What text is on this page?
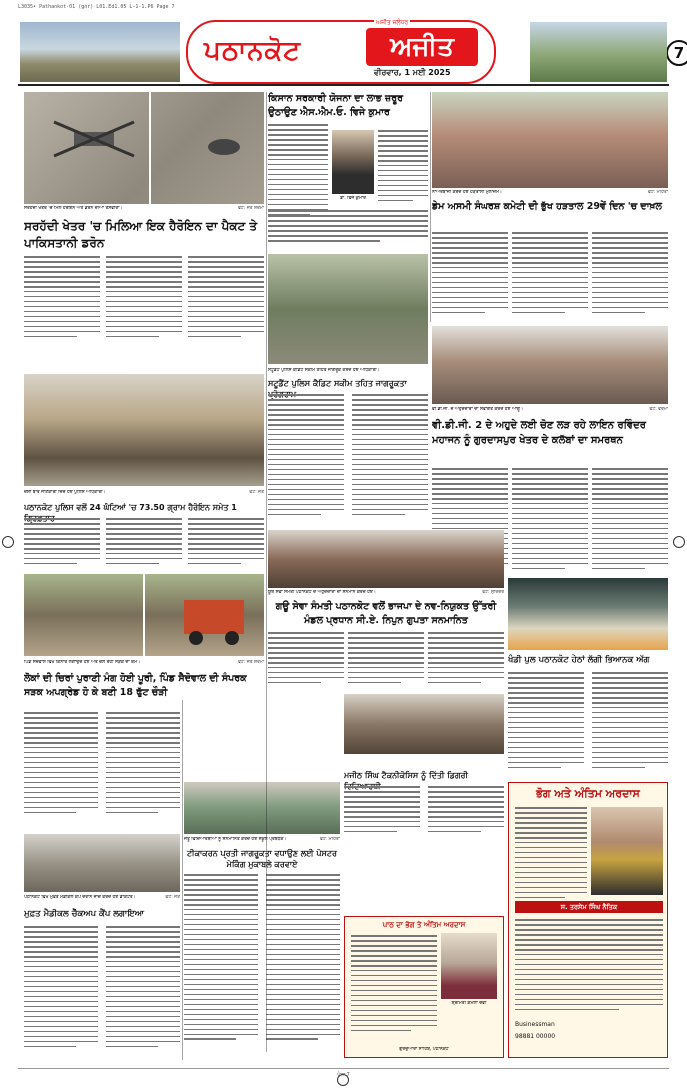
L3035• Pathankot-01 (gnr) L01.Ed1.05 L-1-1.P6 Page 7
ਪਠਾਨਕੋਟ	ਅਜੀਤ
ਅਜੀਤ ਜਲੰਧਰ
ਵੀਰਵਾਰ, 1 ਮਈ 2025
7
ਸਰਹੱਦੀ ਖੇਤਰ 'ਚ ਮਿਲੇ ਹੈਰੋਇਨ ਅਤੇ ਡਰੋਨ ਦੀਆਂ ਤਸਵੀਰਾਂ।	ਫੋਟੋ: ਜੈਤ ਸ਼ਰਮਾ
ਸਰਹੱਦੀ ਖੇਤਰ 'ਚ ਮਿਲਿਆ ਇਕ ਹੈਰੋਇਨ ਦਾ ਪੈਕਟ ਤੇ ਪਾਕਿਸਤਾਨੀ ਡਰੋਨ
ਕਿਸਾਨ ਸਰਕਾਰੀ ਯੋਜਨਾ ਦਾ ਲਾਭ ਜ਼ਰੂਰ ਉਠਾਉਣ ਐਸ.ਐਮ.ਓ. ਵਿਜੇ ਕੁਮਾਰ
ਡਾ. ਵਿਜੇ ਕੁਮਾਰ
ਨਾਅਰੇਬਾਜ਼ੀ ਕਰਦੇ ਹੋਏ ਹੜਤਾਲੀ ਮੁਲਾਜ਼ਮ।	ਫੋਟੋ: ਮਹਿਤਾ
ਡੇਮ ਅਸਮੀ ਸੰਘਰਸ਼ ਕਮੇਟੀ ਦੀ ਭੁੱਖ ਹੜਤਾਲ 29ਵੇਂ ਦਿਨ 'ਚ ਦਾਖ਼ਲ
ਸਟੂਡੈਂਟ ਪੁਲਿਸ ਕੈਡਿਟ ਸਕੀਮ ਤਹਿਤ ਜਾਗਰੂਕ ਕਰਦੇ ਹੋਏ ਅਧਿਕਾਰੀ।
ਸਟੂਡੈਂਟ ਪੁਲਿਸ ਕੈਡਿਟ ਸਕੀਮ ਤਹਿਤ ਜਾਗਰੂਕਤਾ
ਵੀ.ਡੀ.ਜੀ. ਦੇ ਅਹੁਦੇਦਾਰਾਂ ਦਾ ਸਵਾਗਤ ਕਰਦੇ ਹੋਏ ਆਗੂ।	ਫੋਟੋ: ਵਰਮਾ
ਵੀ.ਡੀ.ਜੀ. 2 ਦੇ ਅਹੁਦੇ ਲਈ ਚੋਣ ਲੜ ਰਹੇ ਲਾਇਨ ਰਵਿੰਦਰ ਮਹਾਜਨ ਨੂੰ ਗੁਰਦਾਸਪੁਰ ਖੇਤਰ ਦੇ ਕਲੱਬਾਂ ਦਾ ਸਮਰਥਨ
ਦੋਸ਼ੀ ਬਾਰੇ ਜਾਣਕਾਰੀ ਦਿੰਦੇ ਹੋਏ ਪੁਲਿਸ ਅਧਿਕਾਰੀ।	ਫੋਟੋ: ਜੈਤ
ਪਠਾਨਕੋਟ ਪੁਲਿਸ ਵਲੋਂ 24 ਘੰਟਿਆਂ 'ਚ 73.50 ਗ੍ਰਾਮ ਹੈਰੋਇਨ ਸਮੇਤ 1
ਯੂਥ ਸੇਵਾ ਸੰਮਤੀ ਪਠਾਨਕੋਟ ਦੇ ਅਹੁਦੇਦਾਰਾਂ ਦਾ ਸਨਮਾਨ ਕਰਦੇ ਹੋਏ।	ਫੋਟੋ: ਸੁਰਿੰਦਰ
ਗਊ ਸੇਵਾ ਸੰਮਤੀ ਪਠਾਨਕੋਟ ਵਲੋਂ ਭਾਜਪਾ ਦੇ ਨਵ-ਨਿਯੁਕਤ ਉੱਤਰੀ ਮੰਡਲ ਪ੍ਰਧਾਨ ਸੀ.ਏ. ਨਿਪੁਨ ਗੁਪਤਾ ਸਨਮਾਨਿਤ
ਖੰਡੀ ਪੁਲ ਪਠਾਨਕੋਟ ਹੇਠਾਂ ਲੱਗੀ ਭਿਆਨਕ ਅੱਗ
ਪਿੰਡ ਸੈਦੋਵਾਲ ਵਿਖੇ ਕਿਨਾਰੇ ਲਗਾਉਂਦੇ ਹੋਏ ਅਤੇ ਚੱਲ ਰਹੀ ਸੜਕ ਦਾ ਕੰਮ।	ਫੋਟੋ: ਜੈਤ ਸ਼ਰਮਾ
ਲੋਕਾਂ ਦੀ ਚਿਰਾਂ ਪੁਰਾਣੀ ਮੰਗ ਹੋਈ ਪੂਰੀ, ਪਿੰਡ ਸੈਦੋਵਾਲ ਦੀ ਸੰਪਰਕ ਸੜਕ ਅਪਗ੍ਰੇਡ ਹੋ ਕੇ ਬਣੀ 18 ਫੁੱਟ ਚੌੜੀ
ਮਜੀਠ ਸਿੰਘ ਟੈਕਨੀਕੋਸਿਸ ਨੂੰ ਦਿੱਤੀ ਡਿਗਰੀ
ਜੇਤੂ ਵਿਦਿਆਰਥੀਆਂ ਨੂੰ ਸਨਮਾਨਿਤ ਕਰਦੇ ਹੋਏ ਸਕੂਲ ਪ੍ਰਬੰਧਕ।	ਫੋਟੋ: ਮਹਿਤਾ
ਟੀਕਾਕਰਨ ਪ੍ਰਤੀ ਜਾਗਰੂਕਤਾ ਵਧਾਉਣ ਲਈ ਪੋਸਟਰ ਮੇਕਿੰਗ ਮੁਕਾਬਲੇ ਕਰਵਾਏ
ਪਠਾਨਕੋਟ ਵਿਖੇ ਮੁਫ਼ਤ ਮੈਡੀਕਲ ਕੈਂਪ ਦੌਰਾਨ ਜਾਂਚ ਕਰਦੇ ਹੋਏ ਡਾਕਟਰ।	ਫੋਟੋ: ਜੈਤ
ਮੁਫ਼ਤ ਮੈਡੀਕਲ ਚੈੱਕਅਪ ਕੈਂਪ ਲਗਾਇਆ
ਪਾਠ ਦਾ ਭੋਗ ਤੇ ਅੰਤਿਮ ਅਰਦਾਸ
ਸ਼੍ਰੀਮਤੀ ਕਮਲਾ ਦੇਵੀ
ਗੁਰਦੁਆਰਾ ਸਾਹਿਬ, ਪਠਾਨਕੋਟ
ਭੋਗ ਅਤੇ ਅੰਤਿਮ ਅਰਦਾਸ
ਸ. ਤਰਸੇਮ ਸਿੰਘ ਨੈਤਿਕ
Businessman
98881 00000
ਪੰਨਾ 7
